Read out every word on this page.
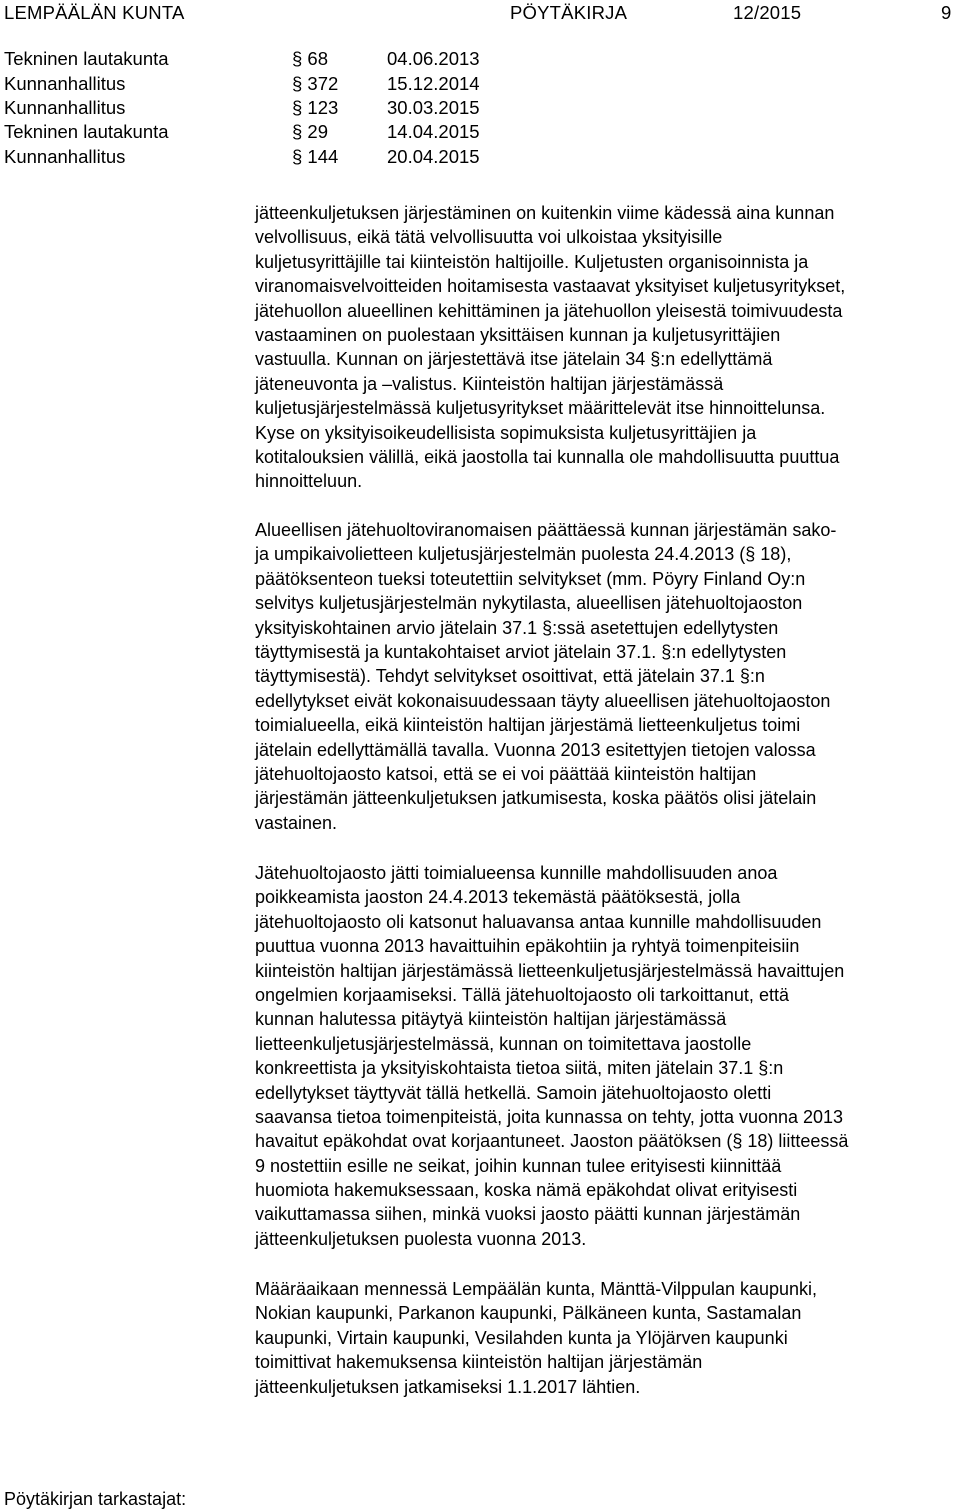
LEMPÄÄLÄN KUNTA	PÖYTÄKIRJA	12/2015	9
Tekninen lautakunta	§ 68	04.06.2013
Kunnanhallitus	§ 372	15.12.2014
Kunnanhallitus	§ 123	30.03.2015
Tekninen lautakunta	§ 29	14.04.2015
Kunnanhallitus	§ 144	20.04.2015
jätteenkuljetuksen järjestäminen on kuitenkin viime kädessä aina kunnan
velvollisuus, eikä tätä velvollisuutta voi ulkoistaa yksityisille
kuljetusyrittäjille tai kiinteistön haltijoille. Kuljetusten organisoinnista ja
viranomaisvelvoitteiden hoitamisesta vastaavat yksityiset kuljetusyritykset,
jätehuollon alueellinen kehittäminen ja jätehuollon yleisestä toimivuudesta
vastaaminen on puolestaan yksittäisen kunnan ja kuljetusyrittäjien
vastuulla. Kunnan on järjestettävä itse jätelain 34 §:n edellyttämä
jäteneuvonta ja –valistus. Kiinteistön haltijan järjestämässä
kuljetusjärjestelmässä kuljetusyritykset määrittelevät itse hinnoittelunsa.
Kyse on yksityisoikeudellisista sopimuksista kuljetusyrittäjien ja
kotitalouksien välillä, eikä jaostolla tai kunnalla ole mahdollisuutta puuttua
hinnoitteluun.
Alueellisen jätehuoltoviranomaisen päättäessä kunnan järjestämän sako-
ja umpikaivolietteen kuljetusjärjestelmän puolesta 24.4.2013 (§ 18),
päätöksenteon tueksi toteutettiin selvitykset (mm. Pöyry Finland Oy:n
selvitys kuljetusjärjestelmän nykytilasta, alueellisen jätehuoltojaoston
yksityiskohtainen arvio jätelain 37.1 §:ssä asetettujen edellytysten
täyttymisestä ja kuntakohtaiset arviot jätelain 37.1. §:n edellytysten
täyttymisestä). Tehdyt selvitykset osoittivat, että jätelain 37.1 §:n
edellytykset eivät kokonaisuudessaan täyty alueellisen jätehuoltojaoston
toimialueella, eikä kiinteistön haltijan järjestämä lietteenkuljetus toimi
jätelain edellyttämällä tavalla. Vuonna 2013 esitettyjen tietojen valossa
jätehuoltojaosto katsoi, että se ei voi päättää kiinteistön haltijan
järjestämän jätteenkuljetuksen jatkumisesta, koska päätös olisi jätelain
vastainen.
Jätehuoltojaosto jätti toimialueensa kunnille mahdollisuuden anoa
poikkeamista jaoston 24.4.2013 tekemästä päätöksestä, jolla
jätehuoltojaosto oli katsonut haluavansa antaa kunnille mahdollisuuden
puuttua vuonna 2013 havaittuihin epäkohtiin ja ryhtyä toimenpiteisiin
kiinteistön haltijan järjestämässä lietteenkuljetusjärjestelmässä havaittujen
ongelmien korjaamiseksi. Tällä jätehuoltojaosto oli tarkoittanut, että
kunnan halutessa pitäytyä kiinteistön haltijan järjestämässä
lietteenkuljetusjärjestelmässä, kunnan on toimitettava jaostolle
konkreettista ja yksityiskohtaista tietoa siitä, miten jätelain 37.1 §:n
edellytykset täyttyvät tällä hetkellä. Samoin jätehuoltojaosto oletti
saavansa tietoa toimenpiteistä, joita kunnassa on tehty, jotta vuonna 2013
havaitut epäkohdat ovat korjaantuneet. Jaoston päätöksen (§ 18) liitteessä
9 nostettiin esille ne seikat, joihin kunnan tulee erityisesti kiinnittää
huomiota hakemuksessaan, koska nämä epäkohdat olivat erityisesti
vaikuttamassa siihen, minkä vuoksi jaosto päätti kunnan järjestämän
jätteenkuljetuksen puolesta vuonna 2013.
Määräaikaan mennessä Lempäälän kunta, Mänttä-Vilppulan kaupunki,
Nokian kaupunki, Parkanon kaupunki, Pälkäneen kunta, Sastamalan
kaupunki, Virtain kaupunki, Vesilahden kunta ja Ylöjärven kaupunki
toimittivat hakemuksensa kiinteistön haltijan järjestämän
jätteenkuljetuksen jatkamiseksi 1.1.2017 lähtien.
Pöytäkirjan tarkastajat:
